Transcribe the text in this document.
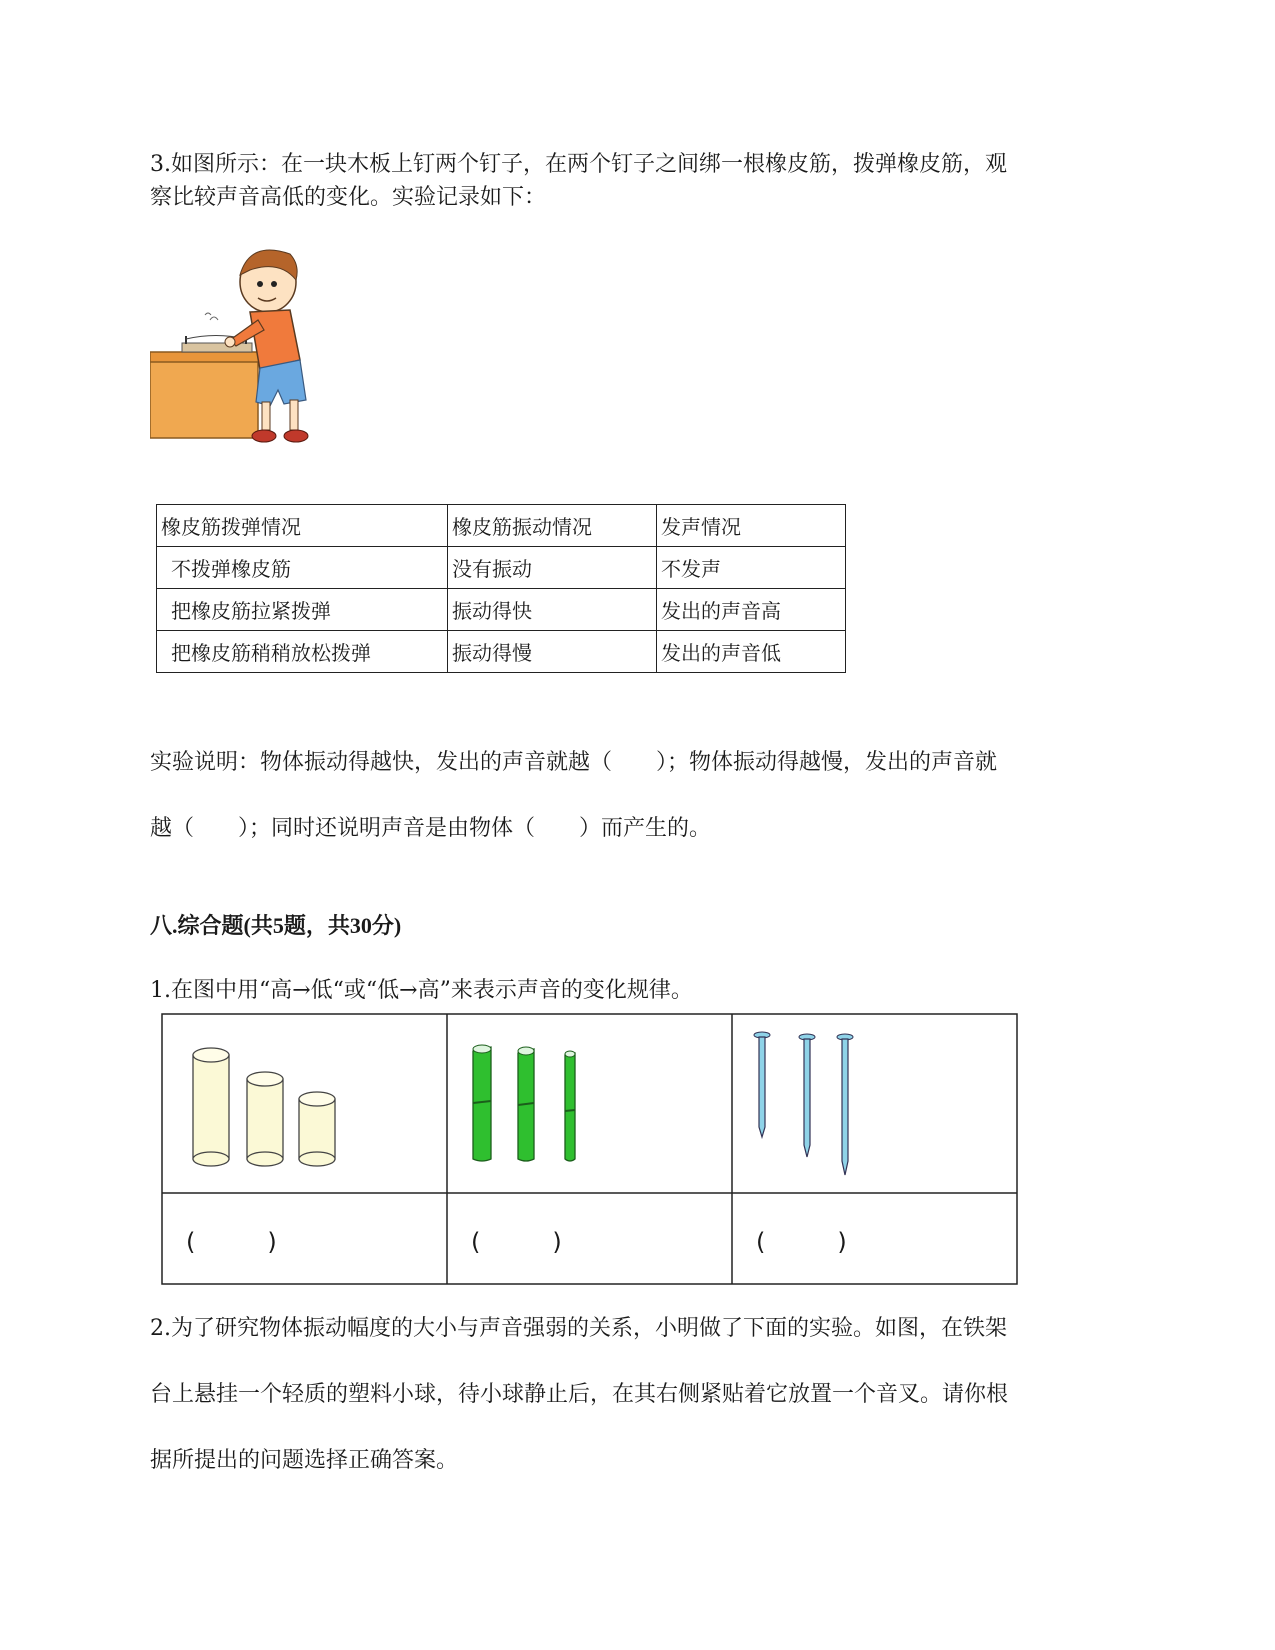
3.如图所示：在一块木板上钉两个钉子，在两个钉子之间绑一根橡皮筋，拨弹橡皮筋，观

察比较声音高低的变化。实验记录如下：

橡皮筋拨弹情况	橡皮筋振动情况	发声情况
不拨弹橡皮筋	没有振动	不发声
把橡皮筋拉紧拨弹	振动得快	发出的声音高
把橡皮筋稍稍放松拨弹	振动得慢	发出的声音低

实验说明：物体振动得越快，发出的声音就越（　　）；物体振动得越慢，发出的声音就

越（　　）；同时还说明声音是由物体（　　）而产生的。

八.综合题(共5题，共30分)

1.在图中用“高→低“或“低→高”来表示声音的变化规律。

(　　　)	(　　　)	(　　　)

2.为了研究物体振动幅度的大小与声音强弱的关系，小明做了下面的实验。如图，在铁架

台上悬挂一个轻质的塑料小球，待小球静止后，在其右侧紧贴着它放置一个音叉。请你根

据所提出的问题选择正确答案。
